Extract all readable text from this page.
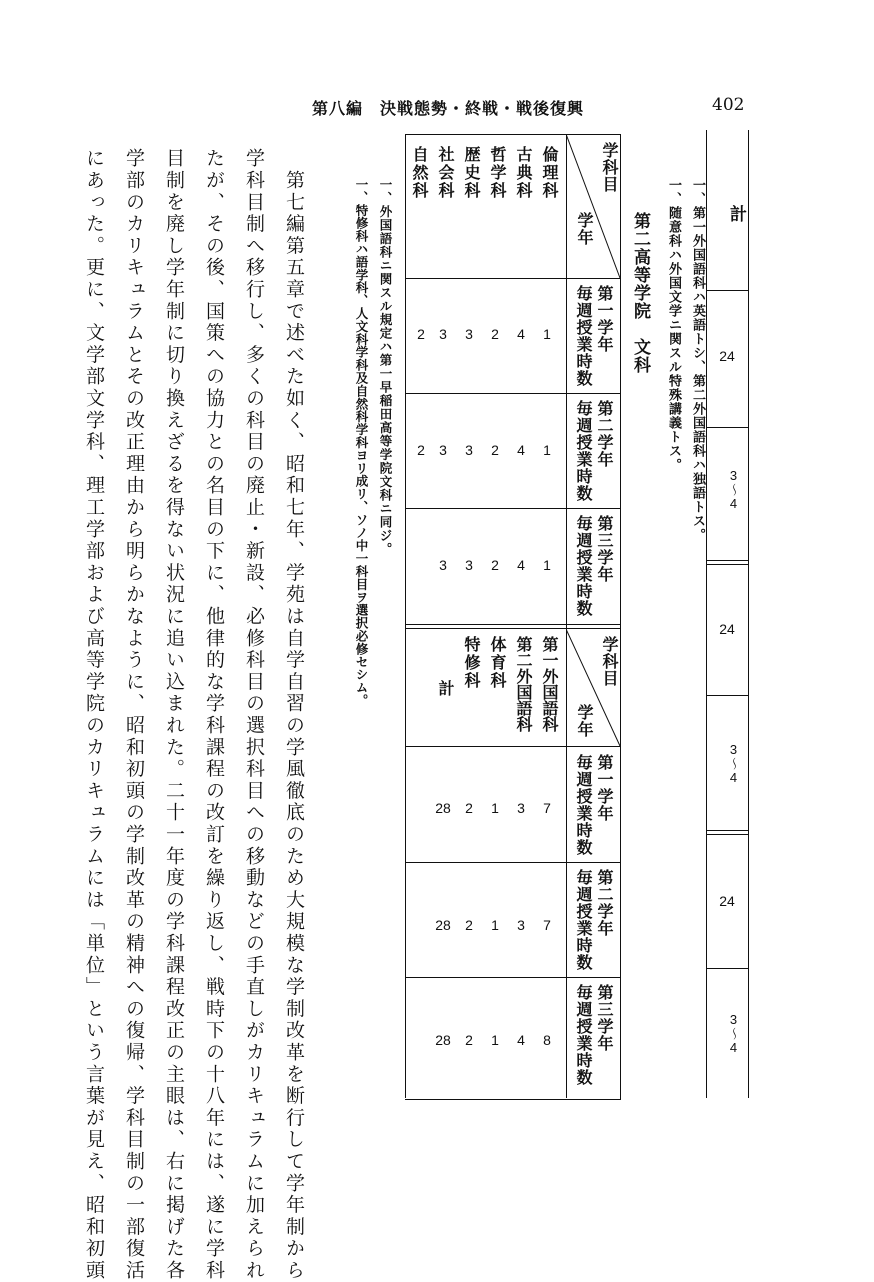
第八編　決戦態勢・終戦・戦後復興	402
計
24
3〜4
24
3〜4
24
3〜4
一、第一外国語科ハ英語トシ、第二外国語科ハ独語トス。
一、随意科ハ外国文学ニ関スル特殊講義トス。
第二高等学院　文科
学科目
学年
第一学年
毎週授業時数
第二学年
毎週授業時数
第三学年
毎週授業時数
倫理科
古典科
哲学科
歴史科
社会科
自然科
1
4
2
3
3
2
1
4
2
3
3
2
1
4
2
3
3
学科目
学年
第一学年
毎週授業時数
第二学年
毎週授業時数
第三学年
毎週授業時数
第一外国語科
第二外国語科
体育科
特修科
計
7
3
1
2
28
7
3
1
2
28
8
4
1
2
28
一、外国語科ニ関スル規定ハ第一早稲田高等学院文科ニ同ジ。
一、特修科ハ語学科、人文科学科及自然科学科ヨリ成リ、ソノ中一科目ヲ選択必修セシム。
　第七編第五章で述べた如く、昭和七年、学苑は自学自習の学風徹底のため大規模な学制改革を断行して学年制から
学科目制へ移行し、多くの科目の廃止・新設、必修科目の選択科目への移動などの手直しがカリキュラムに加えられ
たが、その後、国策への協力との名目の下に、他律的な学科課程の改訂を繰り返し、戦時下の十八年には、遂に学科
目制を廃し学年制に切り換えざるを得ない状況に追い込まれた。二十一年度の学科課程改正の主眼は、右に掲げた各
学部のカリキュラムとその改正理由から明らかなように、昭和初頭の学制改革の精神への復帰、学科目制の一部復活
にあった。更に、文学部文学科、理工学部および高等学院のカリキュラムには「単位」という言葉が見え、昭和初頭
